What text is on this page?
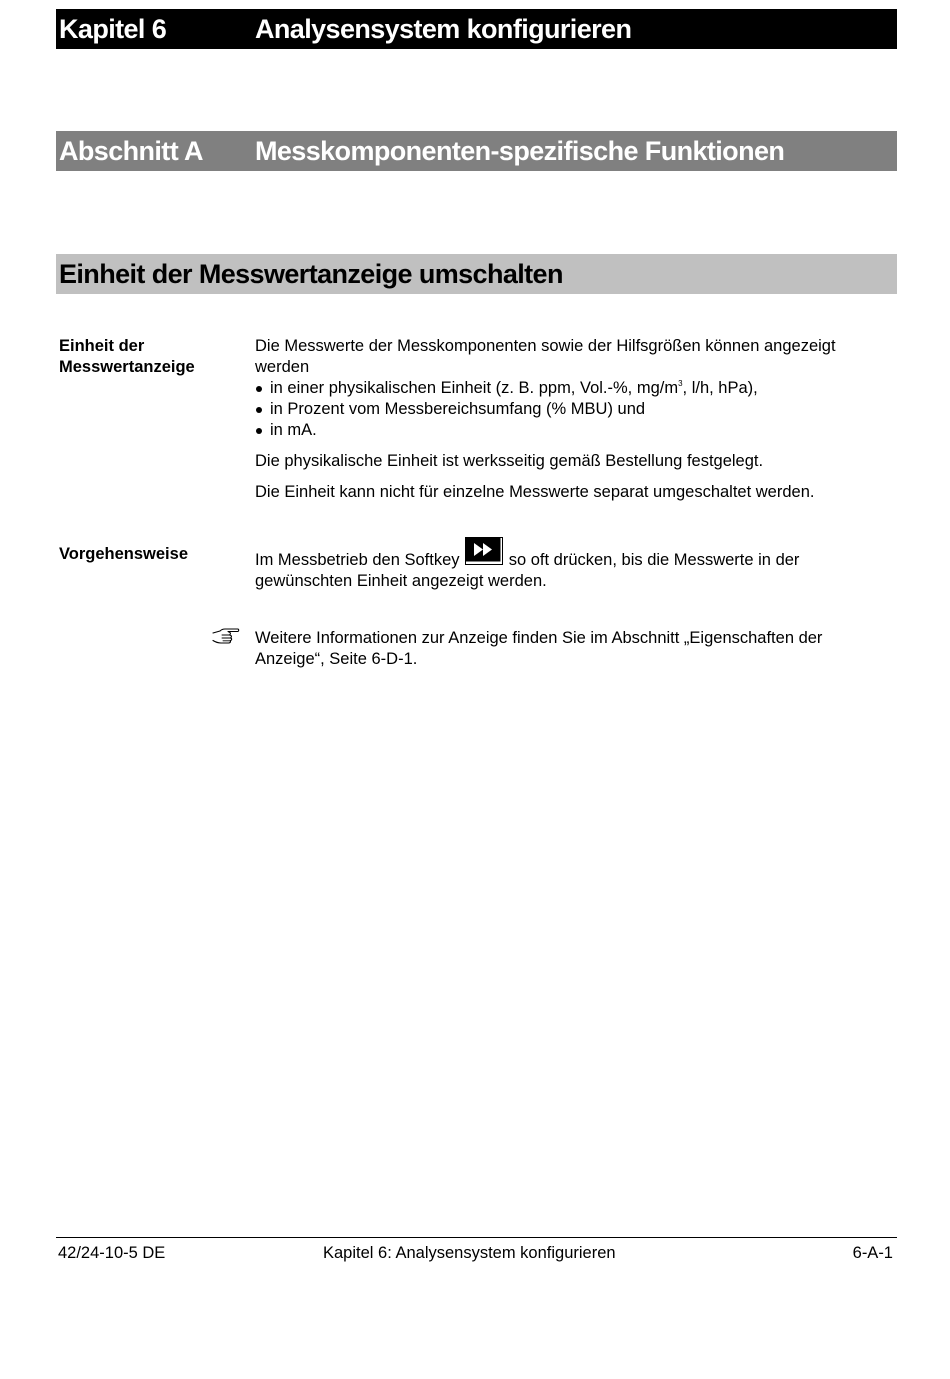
Kapitel 6	Analysensystem konfigurieren
Abschnitt A Messkomponenten-spezifische Funktionen
Einheit der Messwertanzeige umschalten
Einheit der
Messwertanzeige

Die Messwerte der Messkomponenten sowie der Hilfsgrößen können angezeigt

werden

in einer physikalischen Einheit (z. B. ppm, Vol.-%, $mg/m^3$, l/h, hPa),

in Prozent vom Messbereichsumfang (% MBU) und

in mA.

Die physikalische Einheit ist werksseitig gemäß Bestellung festgelegt.

Die Einheit kann nicht für einzelne Messwerte separat umgeschaltet werden.

Vorgehensweise	Im Messbetrieb den Softkey	so oft drücken, bis die Messwerte in der

gewünschten Einheit angezeigt werden.

Weitere Informationen zur Anzeige finden Sie im Abschnitt „Eigenschaften der

Anzeige“, Seite 6-D-1.

42/24-10-5 DE	Kapitel 6: Analysensystem konfigurieren	6-A-1
